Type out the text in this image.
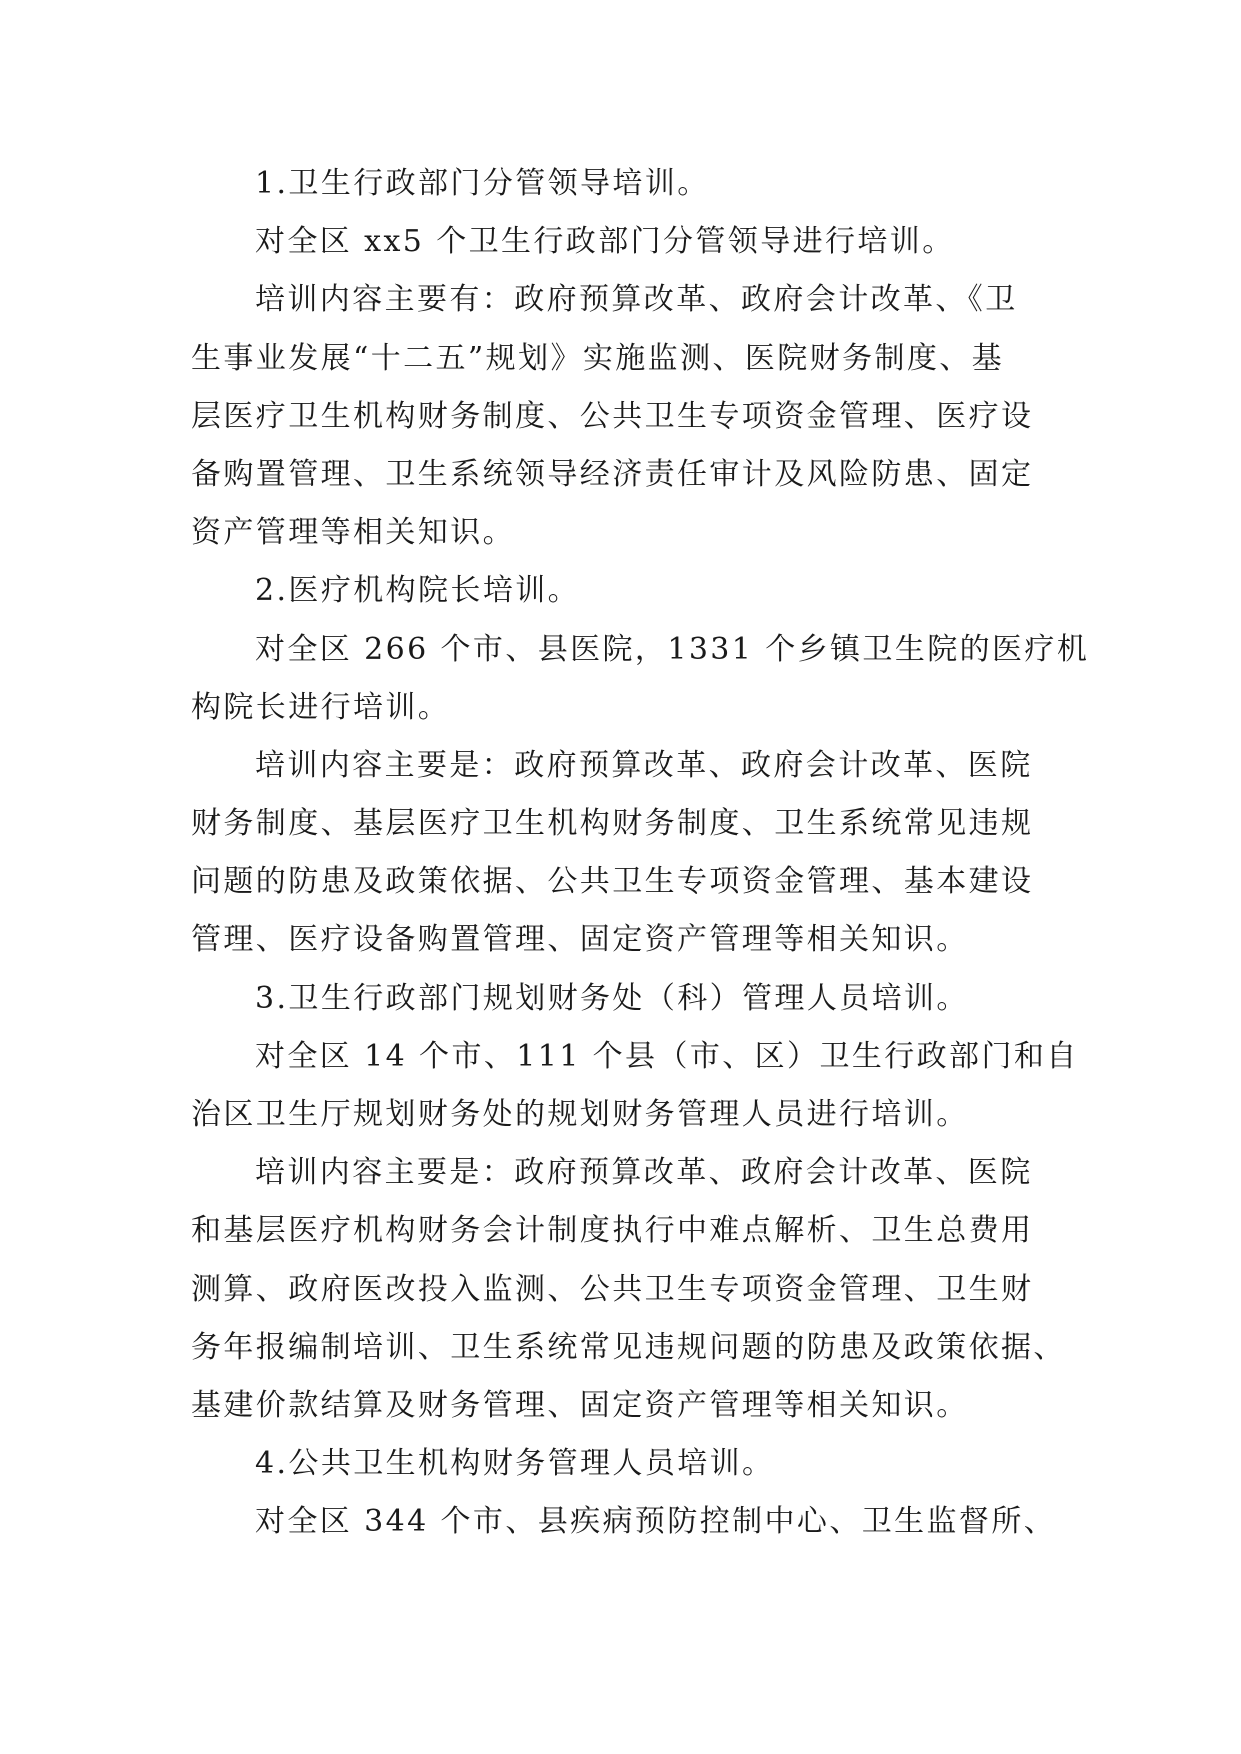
1.卫生行政部门分管领导培训。
对全区 xx5 个卫生行政部门分管领导进行培训。
培训内容主要有：政府预算改革、政府会计改革、《卫
生事业发展“十二五”规划》实施监测、医院财务制度、基
层医疗卫生机构财务制度、公共卫生专项资金管理、医疗设
备购置管理、卫生系统领导经济责任审计及风险防患、固定
资产管理等相关知识。
2.医疗机构院长培训。
对全区 266 个市、县医院，1331 个乡镇卫生院的医疗机
构院长进行培训。
培训内容主要是：政府预算改革、政府会计改革、医院
财务制度、基层医疗卫生机构财务制度、卫生系统常见违规
问题的防患及政策依据、公共卫生专项资金管理、基本建设
管理、医疗设备购置管理、固定资产管理等相关知识。
3.卫生行政部门规划财务处（科）管理人员培训。
对全区 14 个市、111 个县（市、区）卫生行政部门和自
治区卫生厅规划财务处的规划财务管理人员进行培训。
培训内容主要是：政府预算改革、政府会计改革、医院
和基层医疗机构财务会计制度执行中难点解析、卫生总费用
测算、政府医改投入监测、公共卫生专项资金管理、卫生财
务年报编制培训、卫生系统常见违规问题的防患及政策依据、
基建价款结算及财务管理、固定资产管理等相关知识。
4.公共卫生机构财务管理人员培训。
对全区 344 个市、县疾病预防控制中心、卫生监督所、
